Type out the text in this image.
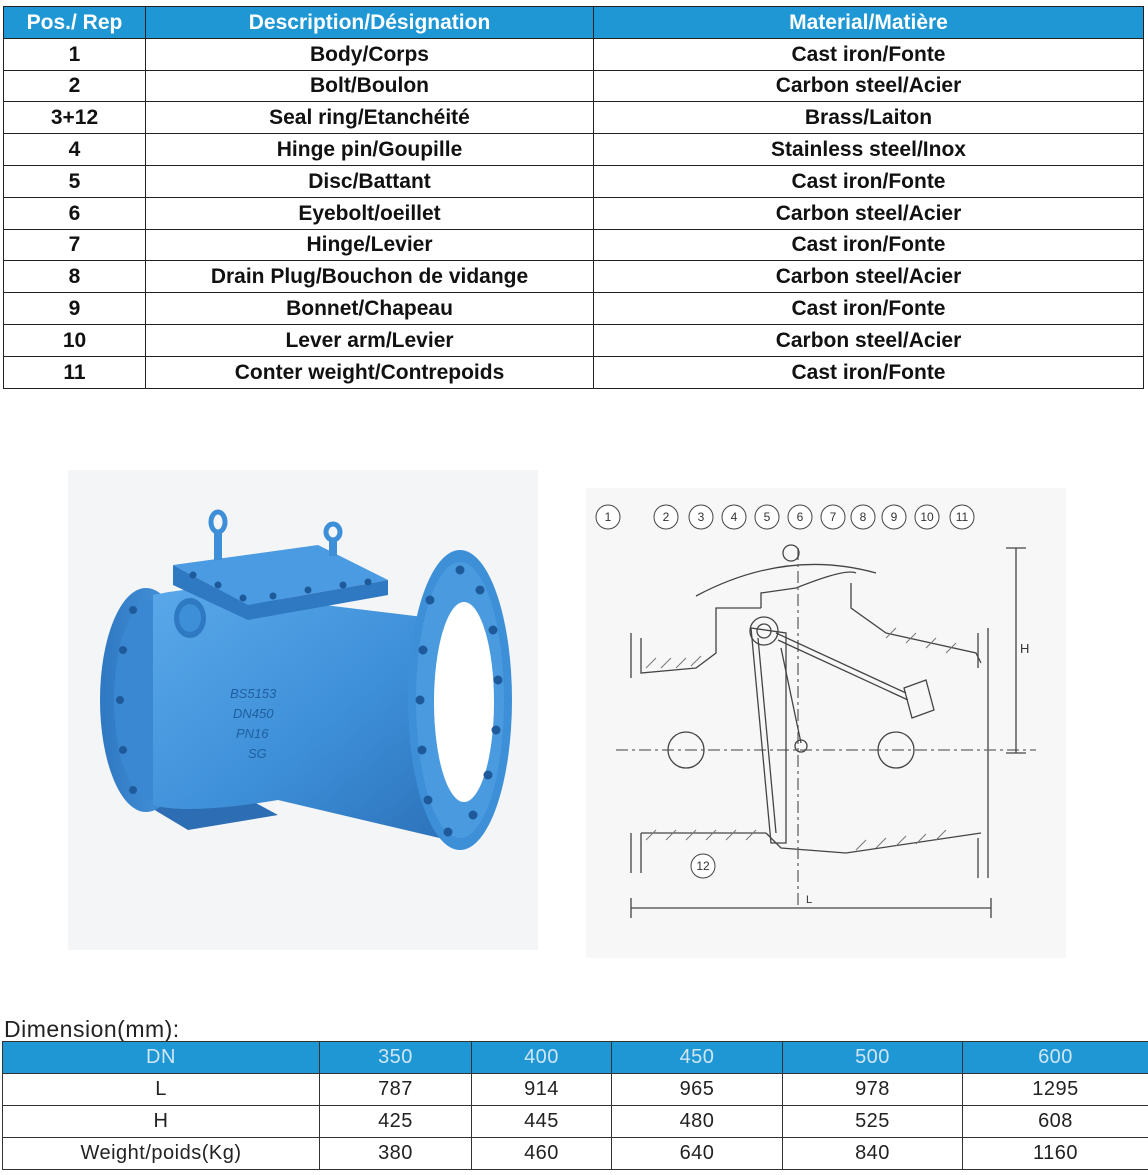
Pos./ Rep	Description/Désignation	Material/Matière
1	Body/Corps	Cast iron/Fonte
2	Bolt/Boulon	Carbon steel/Acier
3+12	Seal ring/Etanchéité	Brass/Laiton
4	Hinge pin/Goupille	Stainless steel/Inox
5	Disc/Battant	Cast iron/Fonte
6	Eyebolt/oeillet	Carbon steel/Acier
7	Hinge/Levier	Cast iron/Fonte
8	Drain Plug/Bouchon de vidange	Carbon steel/Acier
9	Bonnet/Chapeau	Cast iron/Fonte
10	Lever arm/Levier	Carbon steel/Acier
11	Conter weight/Contrepoids	Cast iron/Fonte
BS5153
DN450
PN16
SG
H
L
1	2 3 4 5 6 7 8 9 10 11
12
Dimension(mm):
DN	350	400	450	500	600
L	787	914	965	978	1295
H	425	445	480	525	608
Weight/poids(Kg)	380	460	640	840	1160
